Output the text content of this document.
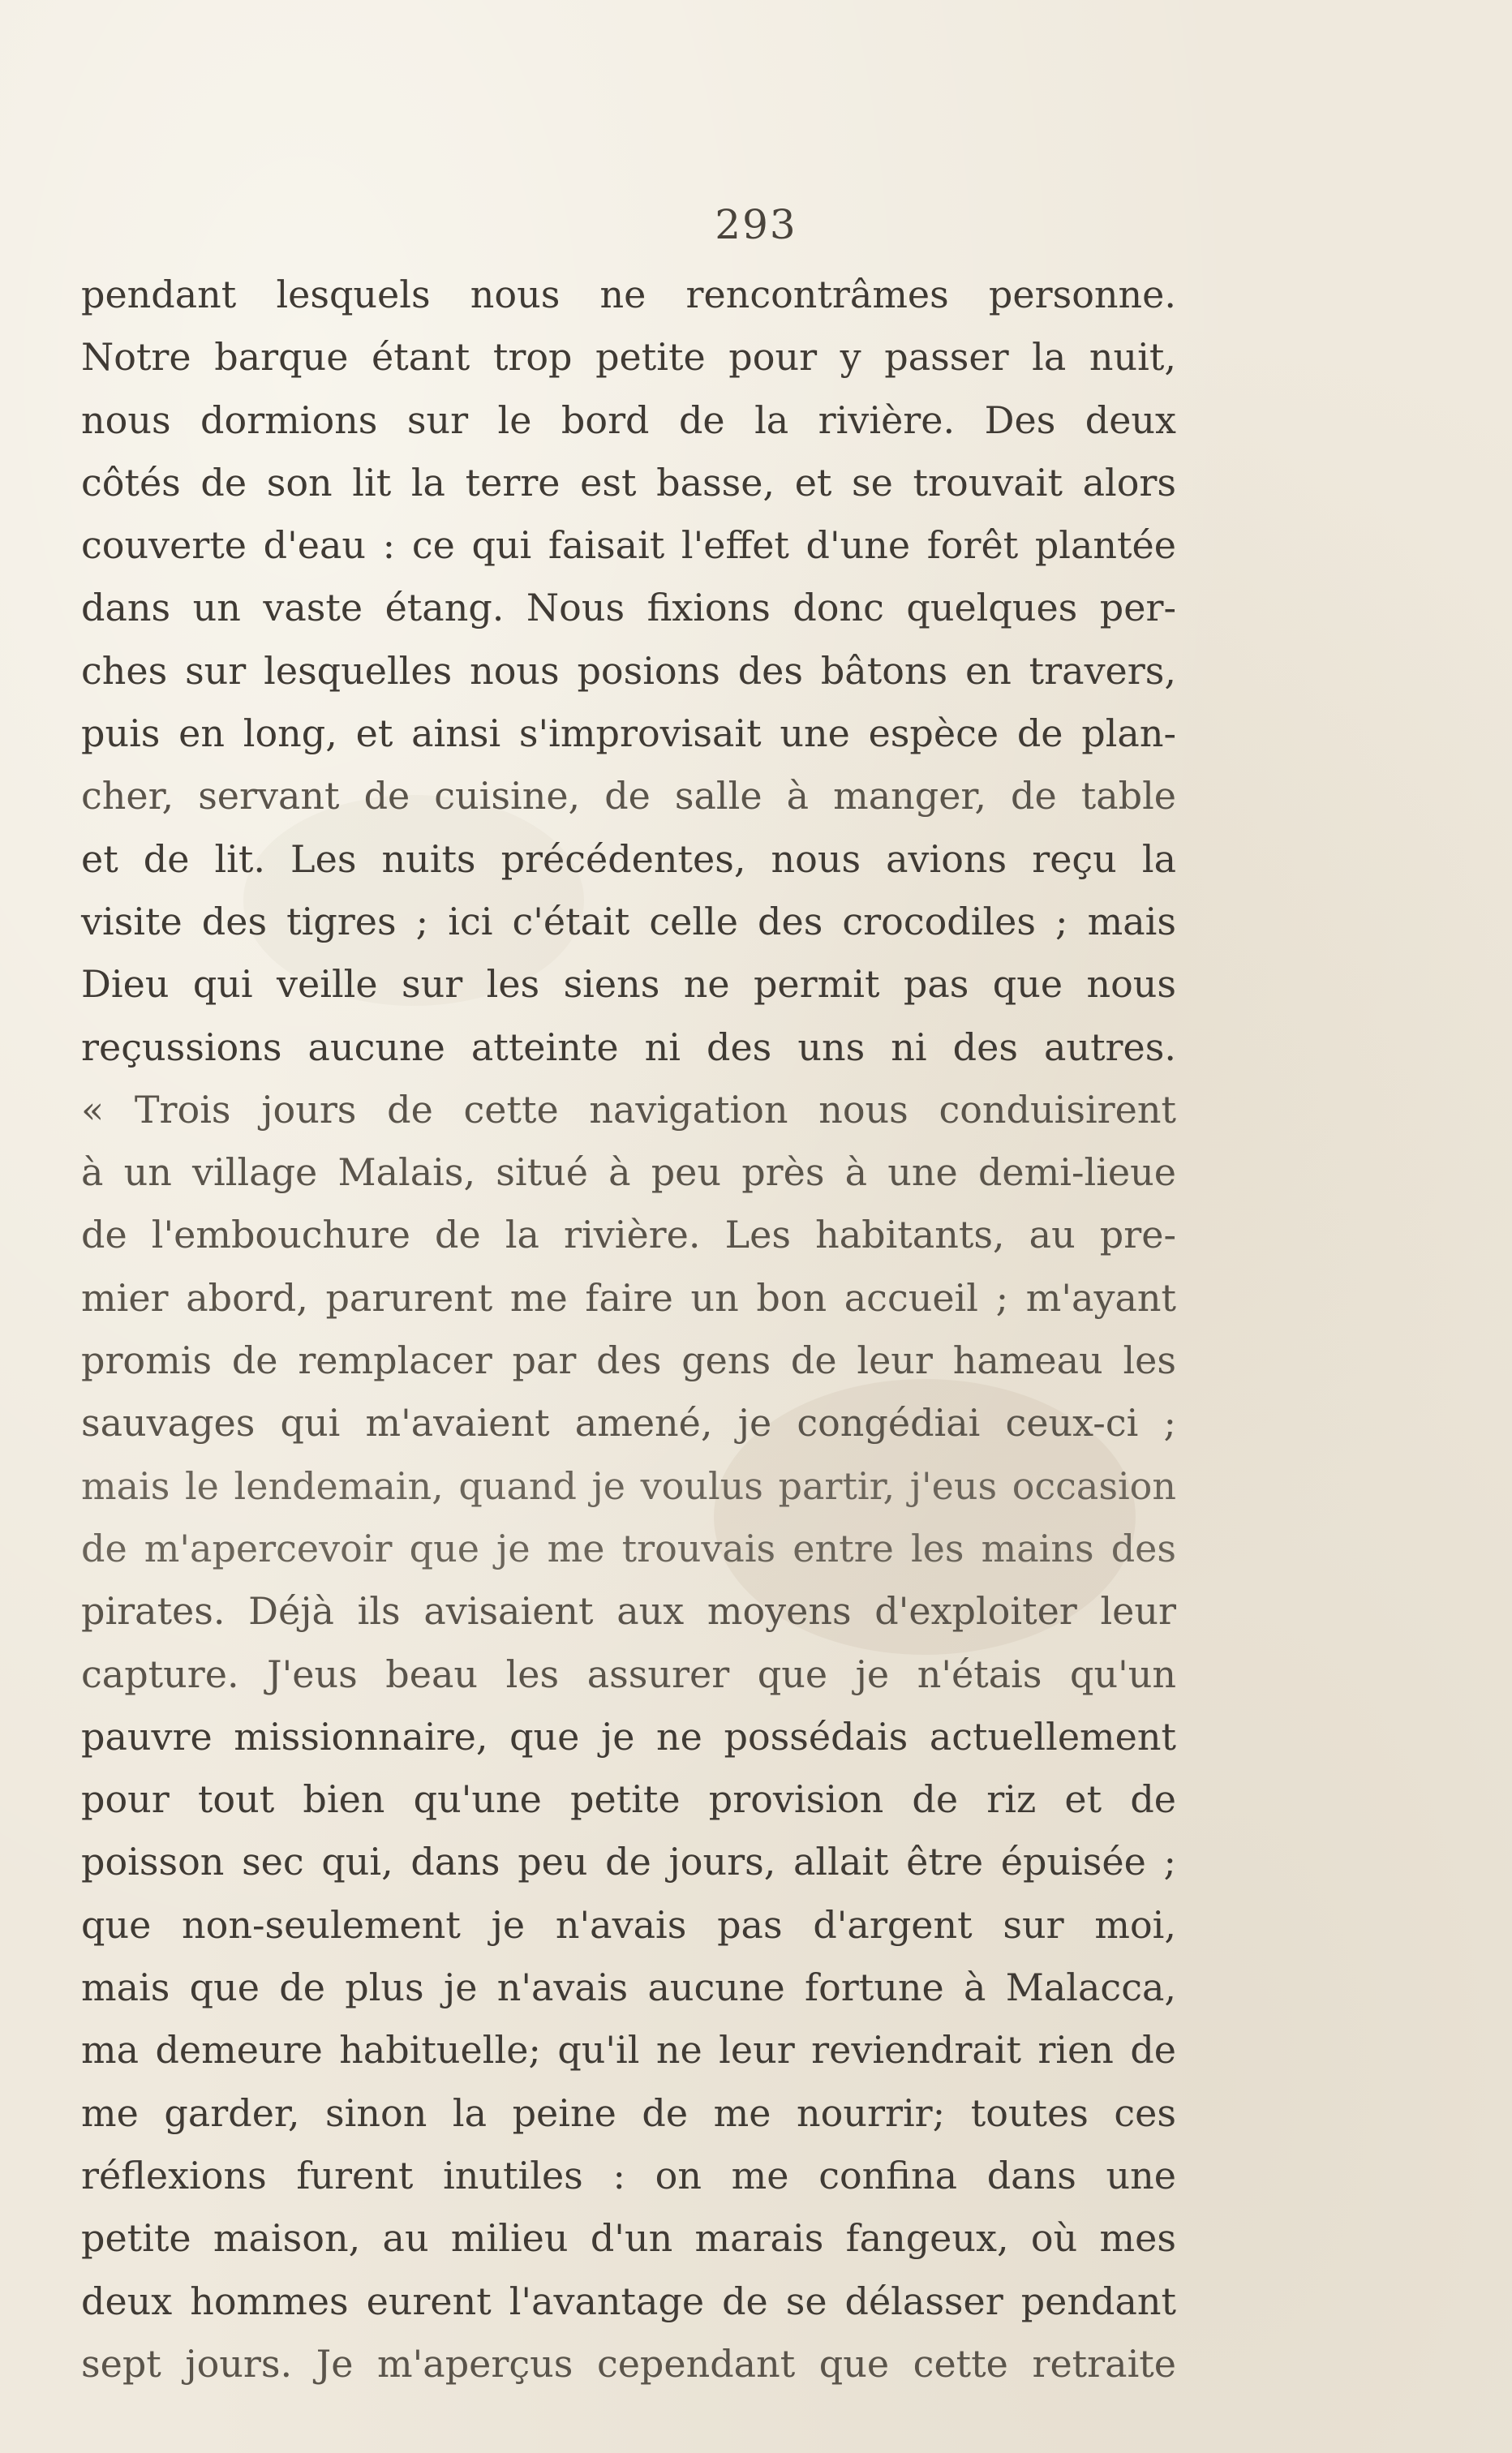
293
pendant lesquels nous ne rencontrâmes personne.
Notre barque étant trop petite pour y passer la nuit,
nous dormions sur le bord de la rivière. Des deux
côtés de son lit la terre est basse, et se trouvait alors
couverte d'eau : ce qui faisait l'effet d'une forêt plantée
dans un vaste étang. Nous fixions donc quelques per-
ches sur lesquelles nous posions des bâtons en travers,
puis en long, et ainsi s'improvisait une espèce de plan-
cher, servant de cuisine, de salle à manger, de table
et de lit. Les nuits précédentes, nous avions reçu la
visite des tigres ; ici c'était celle des crocodiles ; mais
Dieu qui veille sur les siens ne permit pas que nous
reçussions aucune atteinte ni des uns ni des autres.
« Trois jours de cette navigation nous conduisirent
à un village Malais, situé à peu près à une demi-lieue
de l'embouchure de la rivière. Les habitants, au pre-
mier abord, parurent me faire un bon accueil ; m'ayant
promis de remplacer par des gens de leur hameau les
sauvages qui m'avaient amené, je congédiai ceux-ci ;
mais le lendemain, quand je voulus partir, j'eus occasion
de m'apercevoir que je me trouvais entre les mains des
pirates. Déjà ils avisaient aux moyens d'exploiter leur
capture. J'eus beau les assurer que je n'étais qu'un
pauvre missionnaire, que je ne possédais actuellement
pour tout bien qu'une petite provision de riz et de
poisson sec qui, dans peu de jours, allait être épuisée ;
que non-seulement je n'avais pas d'argent sur moi,
mais que de plus je n'avais aucune fortune à Malacca,
ma demeure habituelle; qu'il ne leur reviendrait rien de
me garder, sinon la peine de me nourrir; toutes ces
réflexions furent inutiles : on me confina dans une
petite maison, au milieu d'un marais fangeux, où mes
deux hommes eurent l'avantage de se délasser pendant
sept jours. Je m'aperçus cependant que cette retraite
